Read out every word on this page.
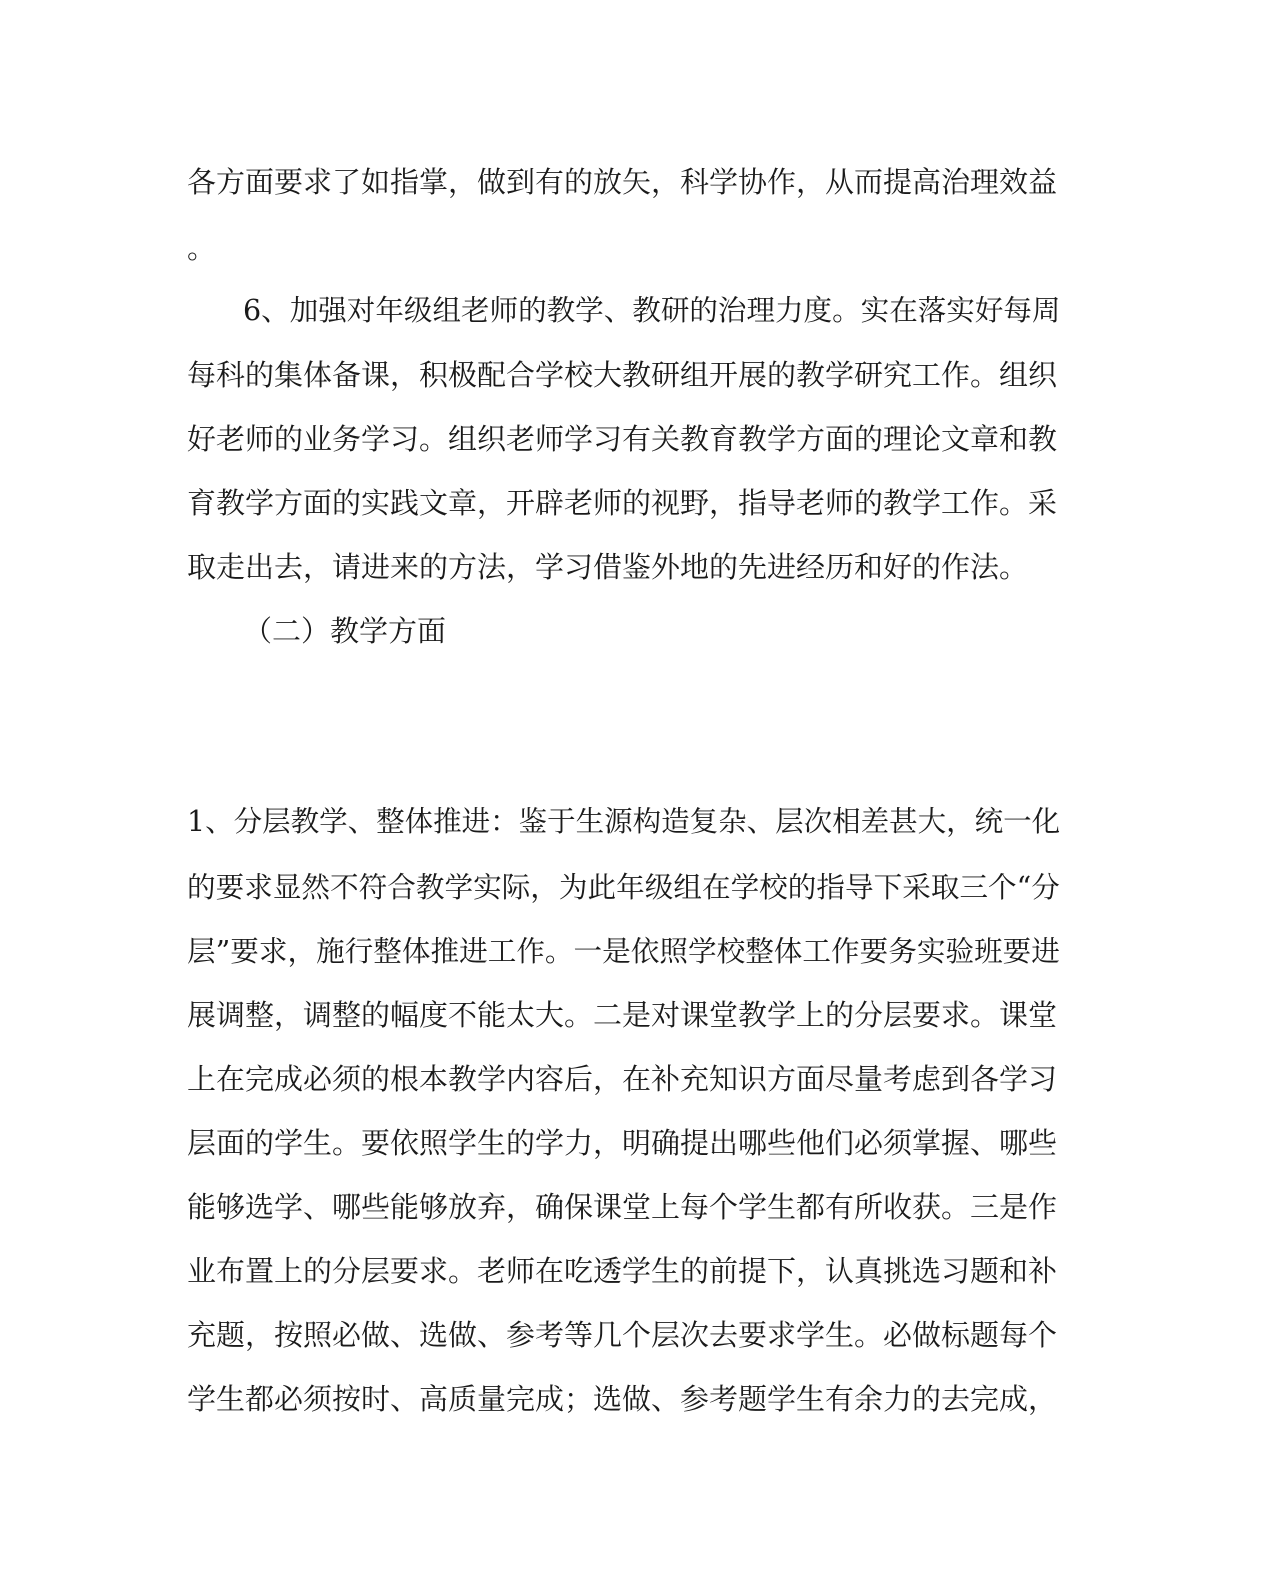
各方面要求了如指掌，做到有的放矢，科学协作，从而提高治理效益
。
6、加强对年级组老师的教学、教研的治理力度。实在落实好每周
每科的集体备课，积极配合学校大教研组开展的教学研究工作。组织
好老师的业务学习。组织老师学习有关教育教学方面的理论文章和教
育教学方面的实践文章，开辟老师的视野，指导老师的教学工作。采
取走出去，请进来的方法，学习借鉴外地的先进经历和好的作法。
（二）教学方面
1、分层教学、整体推进：鉴于生源构造复杂、层次相差甚大，统一化
的要求显然不符合教学实际，为此年级组在学校的指导下采取三个“分
层”要求，施行整体推进工作。一是依照学校整体工作要务实验班要进
展调整，调整的幅度不能太大。二是对课堂教学上的分层要求。课堂
上在完成必须的根本教学内容后，在补充知识方面尽量考虑到各学习
层面的学生。要依照学生的学力，明确提出哪些他们必须掌握、哪些
能够选学、哪些能够放弃，确保课堂上每个学生都有所收获。三是作
业布置上的分层要求。老师在吃透学生的前提下，认真挑选习题和补
充题，按照必做、选做、参考等几个层次去要求学生。必做标题每个
学生都必须按时、高质量完成；选做、参考题学生有余力的去完成，
